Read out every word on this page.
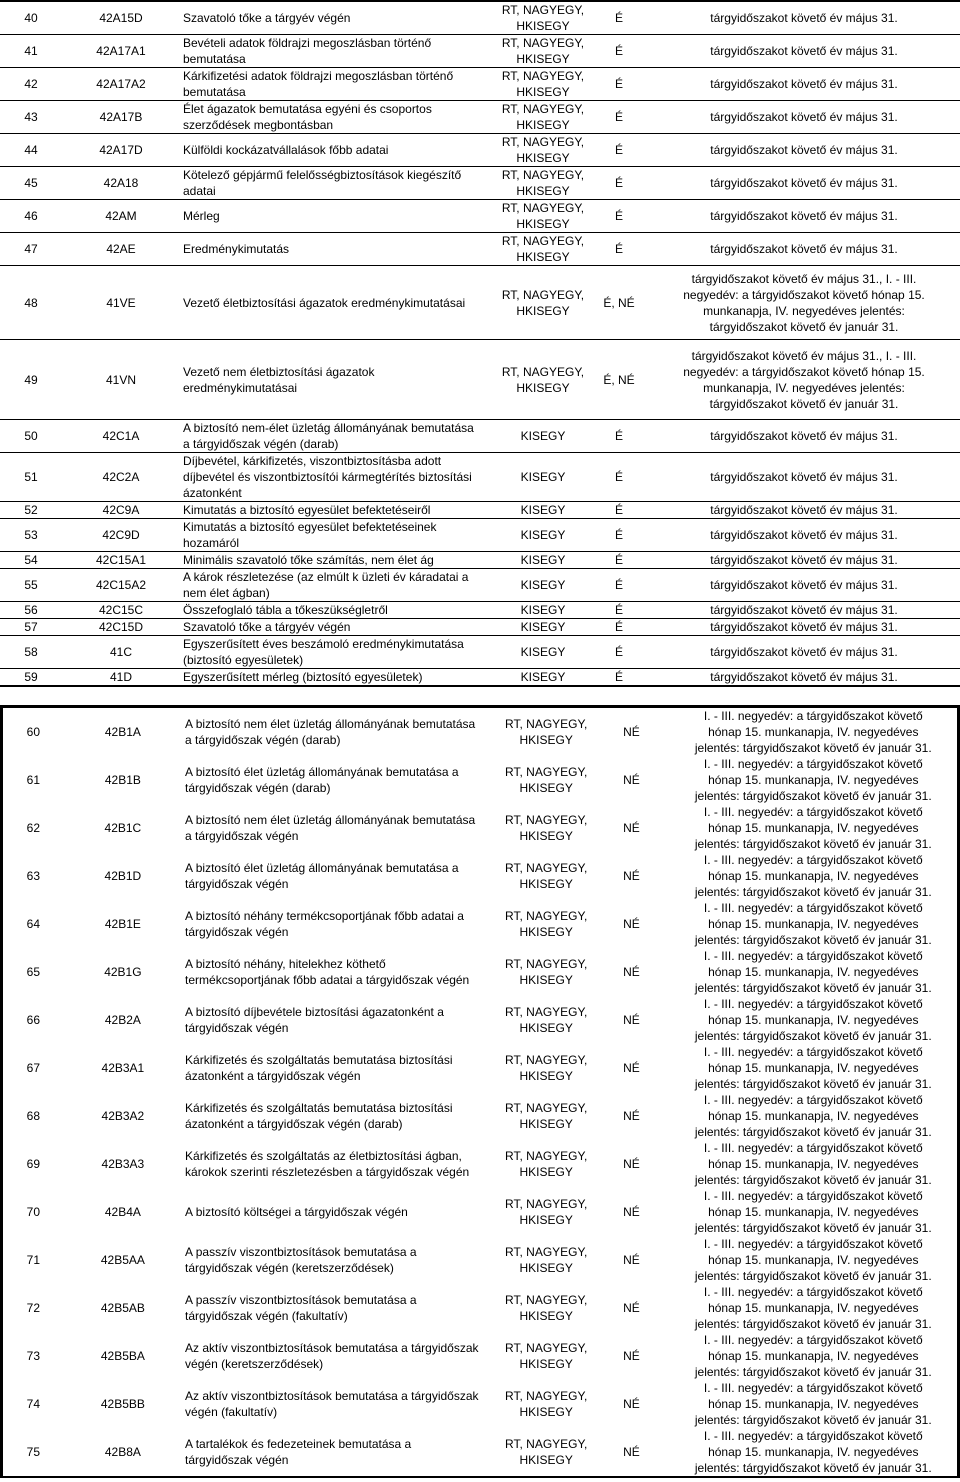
40	42A15D	Szavatoló tőke a tárgyév végén	RT, NAGYEGY,
HKISEGY	É	tárgyidőszakot követő év május 31.
41	42A17A1	Bevételi adatok földrajzi megoszlásban történő
bemutatása	RT, NAGYEGY,
HKISEGY	É	tárgyidőszakot követő év május 31.
42	42A17A2	Kárkifizetési adatok földrajzi megoszlásban történő
bemutatása	RT, NAGYEGY,
HKISEGY	É	tárgyidőszakot követő év május 31.
43	42A17B	Élet ágazatok bemutatása egyéni és csoportos
szerződések megbontásban	RT, NAGYEGY,
HKISEGY	É	tárgyidőszakot követő év május 31.
44	42A17D	Külföldi kockázatvállalások főbb adatai	RT, NAGYEGY,
HKISEGY	É	tárgyidőszakot követő év május 31.
45	42A18	Kötelező gépjármű felelősségbiztosítások kiegészítő
adatai	RT, NAGYEGY,
HKISEGY	É	tárgyidőszakot követő év május 31.
46	42AM	Mérleg	RT, NAGYEGY,
HKISEGY	É	tárgyidőszakot követő év május 31.
47	42AE	Eredménykimutatás	RT, NAGYEGY,
HKISEGY	É	tárgyidőszakot követő év május 31.
48	41VE	Vezető életbiztosítási ágazatok eredménykimutatásai	RT, NAGYEGY,
HKISEGY	É, NÉ	tárgyidőszakot követő év május 31., I. - III.
negyedév: a tárgyidőszakot követő hónap 15.
munkanapja, IV. negyedéves jelentés:
tárgyidőszakot követő év január 31.
49	41VN	Vezető nem életbiztosítási ágazatok
eredménykimutatásai	RT, NAGYEGY,
HKISEGY	É, NÉ	tárgyidőszakot követő év május 31., I. - III.
negyedév: a tárgyidőszakot követő hónap 15.
munkanapja, IV. negyedéves jelentés:
tárgyidőszakot követő év január 31.
50	42C1A	A biztosító nem-élet üzletág állományának bemutatása
a tárgyidőszak végén (darab)	KISEGY	É	tárgyidőszakot követő év május 31.
51	42C2A	Díjbevétel, kárkifizetés, viszontbiztosításba adott
díjbevétel és viszontbiztosítói kármegtérítés biztosítási
ázatonként	KISEGY	É	tárgyidőszakot követő év május 31.
52	42C9A	Kimutatás a biztosító egyesület befektetéseiről	KISEGY	É	tárgyidőszakot követő év május 31.
53	42C9D	Kimutatás a biztosító egyesület befektetéseinek
hozamáról	KISEGY	É	tárgyidőszakot követő év május 31.
54	42C15A1	Minimális szavatoló tőke számítás, nem élet ág	KISEGY	É	tárgyidőszakot követő év május 31.
55	42C15A2	A károk részletezése (az elmúlt k üzleti év káradatai a
nem élet ágban)	KISEGY	É	tárgyidőszakot követő év május 31.
56	42C15C	Összefoglaló tábla a tőkeszükségletről	KISEGY	É	tárgyidőszakot követő év május 31.
57	42C15D	Szavatoló tőke a tárgyév végén	KISEGY	É	tárgyidőszakot követő év május 31.
58	41C	Egyszerűsített éves beszámoló eredménykimutatása
(biztosító egyesületek)	KISEGY	É	tárgyidőszakot követő év május 31.
59	41D	Egyszerűsített mérleg (biztosító egyesületek)	KISEGY	É	tárgyidőszakot követő év május 31.
60	42B1A	A biztosító nem élet üzletág állományának bemutatása
a tárgyidőszak végén (darab)	RT, NAGYEGY,
HKISEGY	NÉ	I. - III. negyedév: a tárgyidőszakot követő
hónap 15. munkanapja, IV. negyedéves
jelentés: tárgyidőszakot követő év január 31.
61	42B1B	A biztosító élet üzletág állományának bemutatása a
tárgyidőszak végén (darab)	RT, NAGYEGY,
HKISEGY	NÉ	I. - III. negyedév: a tárgyidőszakot követő
hónap 15. munkanapja, IV. negyedéves
jelentés: tárgyidőszakot követő év január 31.
62	42B1C	A biztosító nem élet üzletág állományának bemutatása
a tárgyidőszak végén	RT, NAGYEGY,
HKISEGY	NÉ	I. - III. negyedév: a tárgyidőszakot követő
hónap 15. munkanapja, IV. negyedéves
jelentés: tárgyidőszakot követő év január 31.
63	42B1D	A biztosító élet üzletág állományának bemutatása a
tárgyidőszak végén	RT, NAGYEGY,
HKISEGY	NÉ	I. - III. negyedév: a tárgyidőszakot követő
hónap 15. munkanapja, IV. negyedéves
jelentés: tárgyidőszakot követő év január 31.
64	42B1E	A biztosító néhány termékcsoportjának főbb adatai a
tárgyidőszak végén	RT, NAGYEGY,
HKISEGY	NÉ	I. - III. negyedév: a tárgyidőszakot követő
hónap 15. munkanapja, IV. negyedéves
jelentés: tárgyidőszakot követő év január 31.
65	42B1G	A biztosító néhány, hitelekhez köthető
termékcsoportjának főbb adatai a tárgyidőszak végén	RT, NAGYEGY,
HKISEGY	NÉ	I. - III. negyedév: a tárgyidőszakot követő
hónap 15. munkanapja, IV. negyedéves
jelentés: tárgyidőszakot követő év január 31.
66	42B2A	A biztosító díjbevétele biztosítási ágazatonként a
tárgyidőszak végén	RT, NAGYEGY,
HKISEGY	NÉ	I. - III. negyedév: a tárgyidőszakot követő
hónap 15. munkanapja, IV. negyedéves
jelentés: tárgyidőszakot követő év január 31.
67	42B3A1	Kárkifizetés és szolgáltatás bemutatása biztosítási
ázatonként a tárgyidőszak végén	RT, NAGYEGY,
HKISEGY	NÉ	I. - III. negyedév: a tárgyidőszakot követő
hónap 15. munkanapja, IV. negyedéves
jelentés: tárgyidőszakot követő év január 31.
68	42B3A2	Kárkifizetés és szolgáltatás bemutatása biztosítási
ázatonként a tárgyidőszak végén (darab)	RT, NAGYEGY,
HKISEGY	NÉ	I. - III. negyedév: a tárgyidőszakot követő
hónap 15. munkanapja, IV. negyedéves
jelentés: tárgyidőszakot követő év január 31.
69	42B3A3	Kárkifizetés és szolgáltatás az életbiztosítási ágban,
károkok szerinti részletezésben a tárgyidőszak végén	RT, NAGYEGY,
HKISEGY	NÉ	I. - III. negyedév: a tárgyidőszakot követő
hónap 15. munkanapja, IV. negyedéves
jelentés: tárgyidőszakot követő év január 31.
70	42B4A	A biztosító költségei a tárgyidőszak végén	RT, NAGYEGY,
HKISEGY	NÉ	I. - III. negyedév: a tárgyidőszakot követő
hónap 15. munkanapja, IV. negyedéves
jelentés: tárgyidőszakot követő év január 31.
71	42B5AA	A passzív viszontbiztosítások bemutatása a
tárgyidőszak végén (keretszerződések)	RT, NAGYEGY,
HKISEGY	NÉ	I. - III. negyedév: a tárgyidőszakot követő
hónap 15. munkanapja, IV. negyedéves
jelentés: tárgyidőszakot követő év január 31.
72	42B5AB	A passzív viszontbiztosítások bemutatása a
tárgyidőszak végén (fakultatív)	RT, NAGYEGY,
HKISEGY	NÉ	I. - III. negyedév: a tárgyidőszakot követő
hónap 15. munkanapja, IV. negyedéves
jelentés: tárgyidőszakot követő év január 31.
73	42B5BA	Az aktív viszontbiztosítások bemutatása a tárgyidőszak
végén (keretszerződések)	RT, NAGYEGY,
HKISEGY	NÉ	I. - III. negyedév: a tárgyidőszakot követő
hónap 15. munkanapja, IV. negyedéves
jelentés: tárgyidőszakot követő év január 31.
74	42B5BB	Az aktív viszontbiztosítások bemutatása a tárgyidőszak
végén (fakultatív)	RT, NAGYEGY,
HKISEGY	NÉ	I. - III. negyedév: a tárgyidőszakot követő
hónap 15. munkanapja, IV. negyedéves
jelentés: tárgyidőszakot követő év január 31.
75	42B8A	A tartalékok és fedezeteinek bemutatása a
tárgyidőszak végén	RT, NAGYEGY,
HKISEGY	NÉ	I. - III. negyedév: a tárgyidőszakot követő
hónap 15. munkanapja, IV. negyedéves
jelentés: tárgyidőszakot követő év január 31.
